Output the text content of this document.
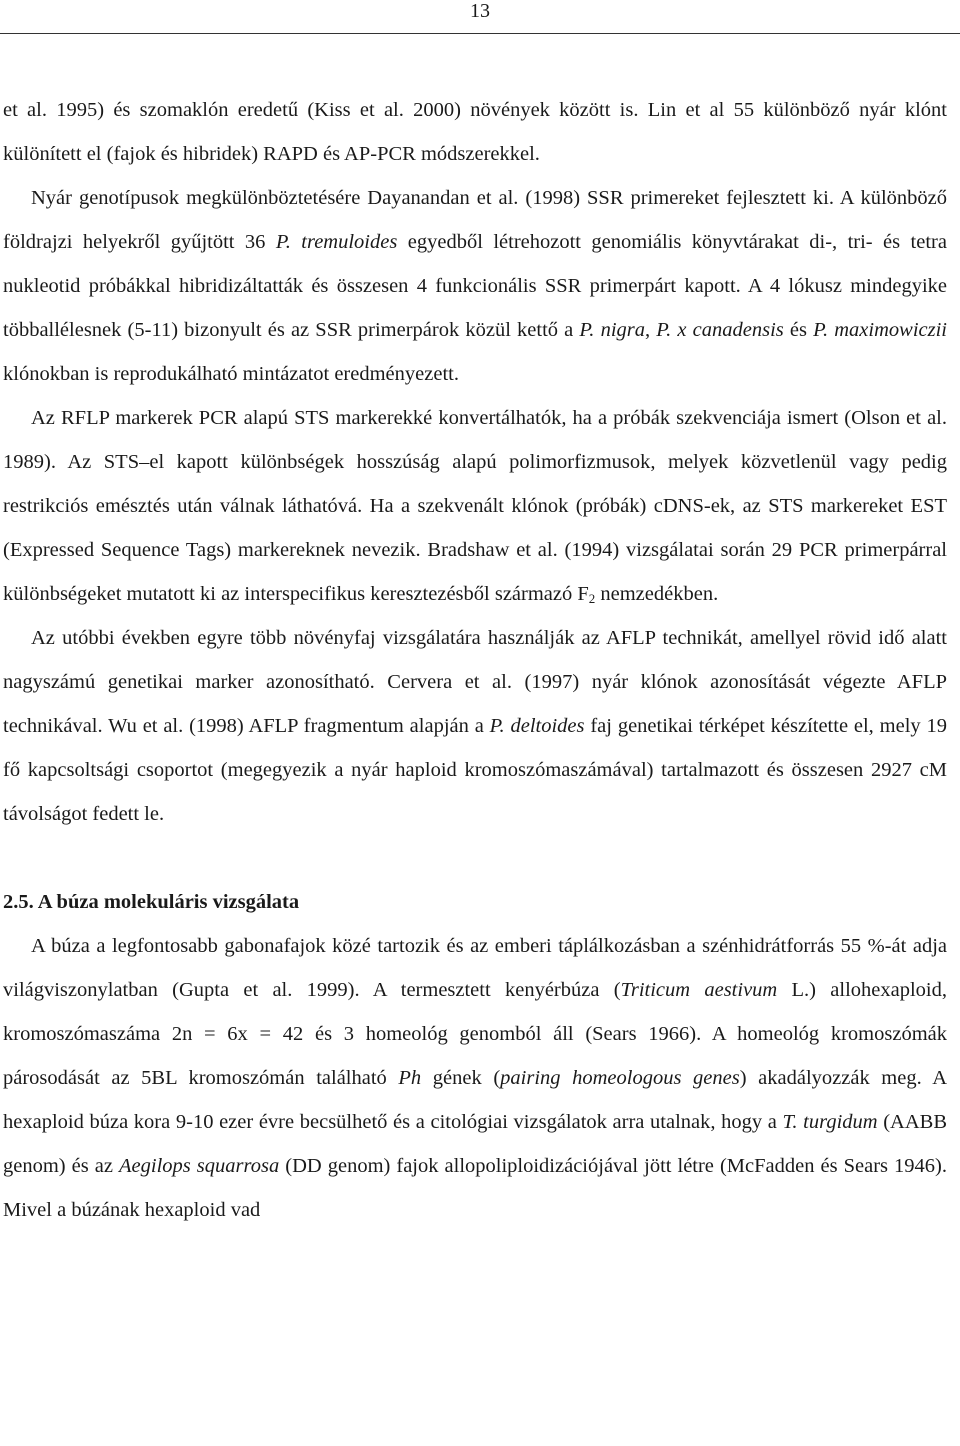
13

et al. 1995) és szomaklón eredetű (Kiss et al. 2000) növények között is. Lin et al 55 különböző nyár klónt különített el (fajok és hibridek) RAPD és AP-PCR módszerekkel.
Nyár genotípusok megkülönböztetésére Dayanandan et al. (1998) SSR primereket fejlesztett ki. A különböző földrajzi helyekről gyűjtött 36 P. tremuloides egyedből létrehozott genomiális könyvtárakat di-, tri- és tetra nukleotid próbákkal hibridizáltatták és összesen 4 funkcionális SSR primerpárt kapott. A 4 lókusz mindegyike többallélesnek (5-11) bizonyult és az SSR primerpárok közül kettő a P. nigra, P. x canadensis és P. maximowiczii klónokban is reprodukálható mintázatot eredményezett.

Az RFLP markerek PCR alapú STS markerekké konvertálhatók, ha a próbák szekvenciája ismert (Olson et al. 1989). Az STS–el kapott különbségek hosszúság alapú polimorfizmusok, melyek közvetlenül vagy pedig restrikciós emésztés után válnak láthatóvá. Ha a szekvenált klónok (próbák) cDNS-ek, az STS markereket EST (Expressed Sequence Tags) markereknek nevezik. Bradshaw et al. (1994) vizsgálatai során 29 PCR primerpárral különbségeket mutatott ki az interspecifikus keresztezésből származó $F_2$ nemzedékben.

Az utóbbi években egyre több növényfaj vizsgálatára használják az AFLP technikát, amellyel rövid idő alatt nagyszámú genetikai marker azonosítható. Cervera et al. (1997) nyár klónok azonosítását végezte AFLP technikával. Wu et al. (1998) AFLP fragmentum alapján a P. deltoides faj genetikai térképet készítette el, mely 19 fő kapcsoltsági csoportot (megegyezik a nyár haploid kromoszómaszámával) tartalmazott és összesen 2927 cM távolságot fedett le.

2.5. A búza molekuláris vizsgálata

A búza a legfontosabb gabonafajok közé tartozik és az emberi táplálkozásban a szénhidrátforrás 55 %-át adja világviszonylatban (Gupta et al. 1999). A termesztett kenyérbúza (Triticum aestivum L.) allohexaploid, kromoszómaszáma 2n = 6x = 42 és 3 homeológ genomból áll (Sears 1966). A homeológ kromoszómák párosodását az 5BL kromoszómán található Ph gének (pairing homeologous genes) akadályozzák meg. A hexaploid búza kora 9-10 ezer évre becsülhető és a citológiai vizsgálatok arra utalnak, hogy a T. turgidum (AABB genom) és az Aegilops squarrosa (DD genom) fajok allopoliploidizációjával jött létre (McFadden és Sears 1946). Mivel a búzának hexaploid vad
